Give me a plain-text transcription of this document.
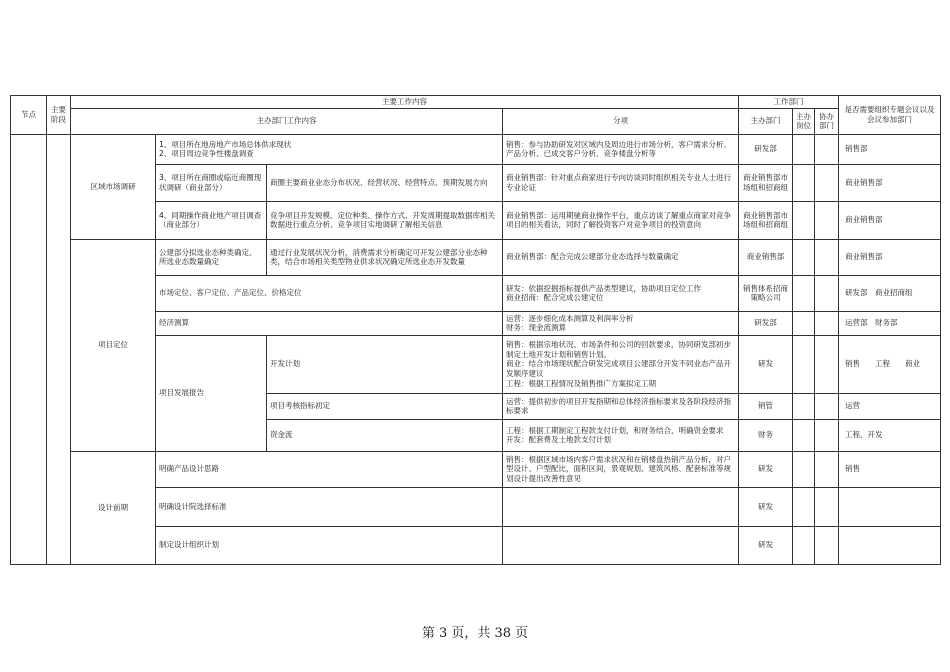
节点	主要阶段	主要工作内容				工作部门			是否需要组织专题会议以及会议参加部门
		主办部门工作内容			分项	主办部门	主办岗位	协办部门	

		区域市场调研	1、项目所在地房地产市场总体供求现状
2、项目周边竞争性楼盘调查		销售：参与协助研发对区域内及周边进行市场分析，客户需求分析、产品分析、已成交客户分析、竞争楼盘分析等	研发部			销售部
			3、项目所在商圈或临近商圈现状调研（商业部分）	商圈主要商业业态分布状况、经营状况、经营特点、预期发展方向	商业销售部：针对重点商家进行专向访谈同时组织相关专业人士进行专业论证	商业销售部市场组和招商组			商业销售部
			4、同期操作商业地产项目调查（商业部分）	竞争项目开发规模、定位种类、操作方式、开发周期提取数据库相关数据进行重点分析、竞争项目实地调研了解相关信息	商业销售部：运用期驰商业操作平台，重点访谈了解重点商家对竞争项目的相关看法，同时了解投资客户对竞争项目的投资意向	商业销售部市场组和招商组			商业销售部
		项目定位	公建部分拟选业态种类确定、所选业态数量确定	通过行业发展状况分析，消费需求分析确定可开发公建部分业态种类，结合市场相关类型物业供求状况确定所选业态开发数量	商业销售部：配合完成公建部分业态选择与数量确定	商业销售部			商业销售部
			市场定位、客户定位、产品定位、价格定位		研发：依据挖掘指标提供产品类型建议，协助项目定位工作
商业招商：配合完成公建定位	销售体系招商策略公司			研发部　商业招商组
			经济测算		运营：逐步细化成本测算及利润率分析
财务：现金流测算	研发部			运营部　财务部
			项目发展报告	开发计划	销售：根据宗地状况、市场条件和公司的回款要求，协同研发部初步制定土地开发计划和销售计划。
商业：结合市场现状配合研发完成项目公建部分开发不同业态产品开发顺序建议
工程：根据工程情况及销售推广方案拟定工期	研发			销售　　工程　　商业
				项目考核指标初定	运营：提供初步的项目开发指期和总体经济指标要求及各阶段经济指标要求	销管			运营
				资金流	工程：根据工期制定工程款支付计划，和财务结合，明确资金要求
开发：配套费及土地款支付计划	财务			工程、开发
		设计前期	明确产品设计思路		销售：根据区域市场内客户需求状况和在销楼盘热销产品分析，对户型设计、户型配比，面积区间，景观规划、建筑风格、配套标准等规划设计提出改善性意见	研发			销售
			明确设计院选择标准			研发			
			制定设计组织计划			研发			
第 3 页，共 38 页
